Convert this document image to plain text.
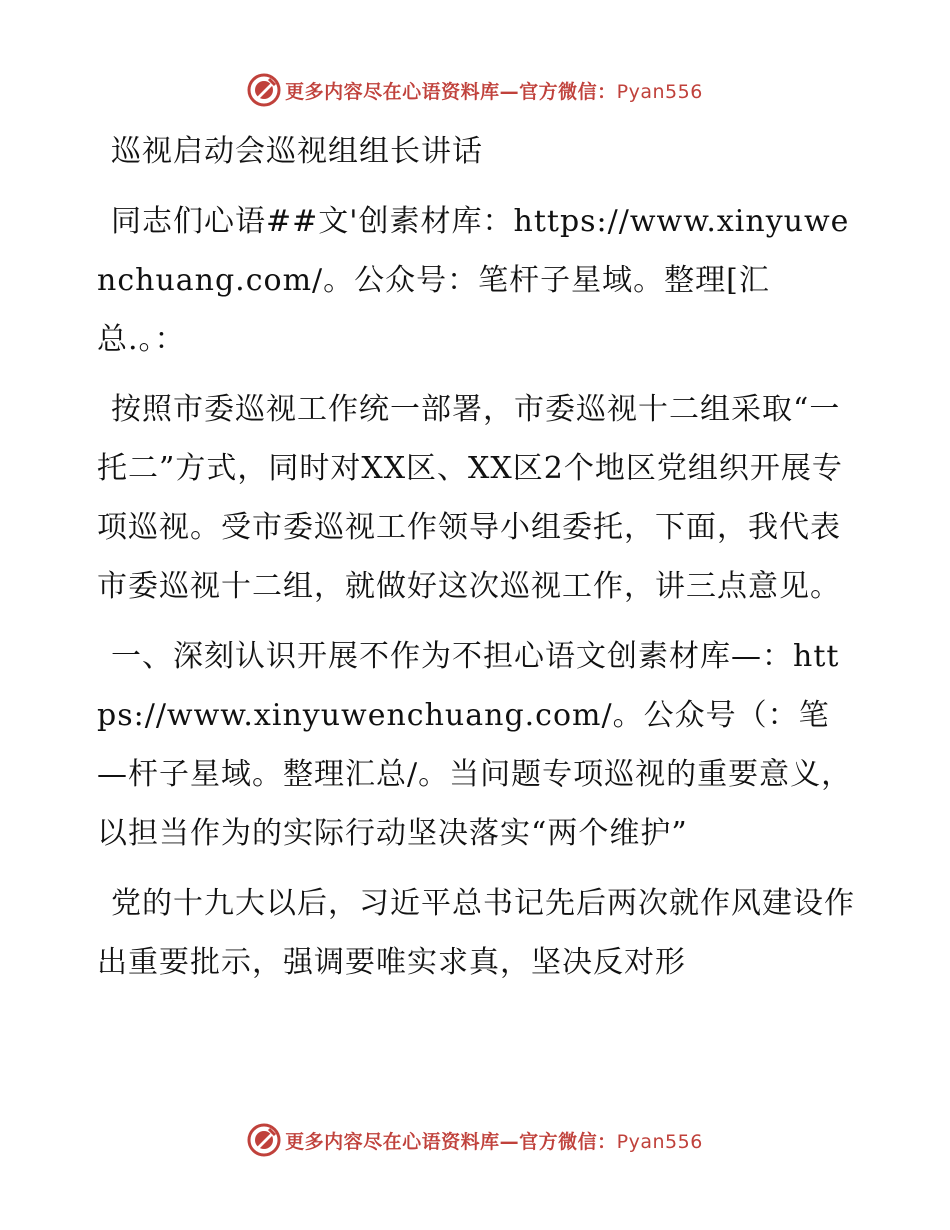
更多内容尽在心语资料库—官方微信：Pyan556

巡视启动会巡视组组长讲话

同志们心语##文'创素材库：https://www.xinyuwenchuang.com/。公众号：笔杆子星域。整理[汇总.。：

按照市委巡视工作统一部署，市委巡视十二组采取“一托二”方式，同时对XX区、XX区2个地区党组织开展专项巡视。受市委巡视工作领导小组委托，下面，我代表市委巡视十二组，就做好这次巡视工作，讲三点意见。

一、深刻认识开展不作为不担心语文创素材库—：https://www.xinyuwenchuang.com/。公众号（：笔—杆子星域。整理汇总/。当问题专项巡视的重要意义，以担当作为的实际行动坚决落实“两个维护”

党的十九大以后，习近平总书记先后两次就作风建设作出重要批示，强调要唯实求真，坚决反对形

更多内容尽在心语资料库—官方微信：Pyan556
